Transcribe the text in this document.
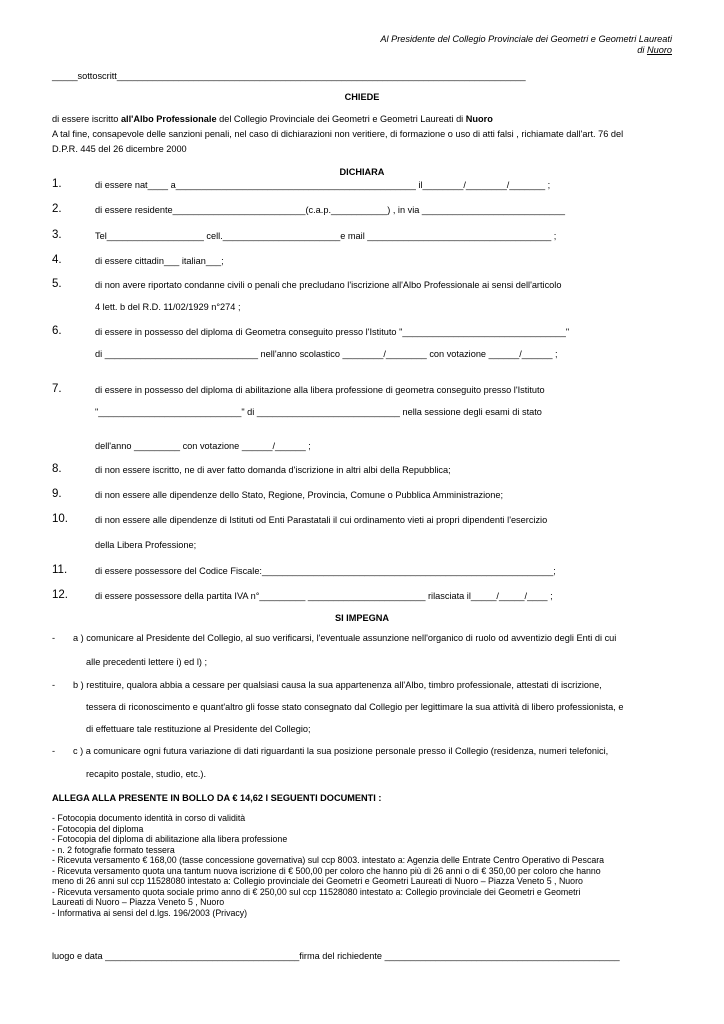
Al Presidente del Collegio Provinciale dei Geometri e Geometri Laureati
di Nuoro
_____sottoscritt________________________________________________________________________________
CHIEDE
di essere iscritto all'Albo Professionale del Collegio Provinciale dei Geometri e Geometri Laureati di Nuoro
A tal fine, consapevole delle sanzioni penali, nel caso di dichiarazioni non veritiere, di formazione o uso di atti falsi , richiamate dall'art. 76 del
D.P.R. 445 del 26 dicembre 2000
DICHIARA
1.	di essere nat____ a_______________________________________________ il________/________/_______ ;
2.	di essere residente__________________________(c.a.p.___________) , in via ____________________________
3.	Tel___________________ cell._______________________e mail ____________________________________ ;
4.	di essere cittadin___ italian___;
5.	di non avere riportato condanne civili o penali che precludano l'iscrizione all'Albo Professionale ai sensi dell'articolo
4 lett. b del R.D. 11/02/1929 n°274 ;
6.	di essere in possesso del diploma di Geometra conseguito presso l'Istituto "________________________________"
di ______________________________ nell'anno scolastico ________/________ con votazione ______/______ ;
7.	di essere in possesso del diploma di abilitazione alla libera professione di geometra conseguito presso l'Istituto
"____________________________" di ____________________________ nella sessione degli esami di stato
dell'anno _________ con votazione ______/______ ;
8.	di non essere iscritto, ne di aver fatto domanda d'iscrizione in altri albi della Repubblica;
9.	di non essere alle dipendenze dello Stato, Regione, Provincia, Comune o Pubblica Amministrazione;
10.	di non essere alle dipendenze di Istituti od Enti Parastatali il cui ordinamento vieti ai propri dipendenti l'esercizio
della Libera Professione;
11.	di essere possessore del Codice Fiscale:_________________________________________________________;
12.	di essere possessore della partita IVA n°_________ _______________________ rilasciata il_____/_____/____ ;
SI IMPEGNA
- a ) comunicare al Presidente del Collegio, al suo verificarsi, l'eventuale assunzione nell'organico di ruolo od avventizio degli Enti di cui
alle precedenti lettere i) ed l) ;
- b ) restituire, qualora abbia a cessare per qualsiasi causa la sua appartenenza all'Albo, timbro professionale, attestati di iscrizione,
tessera di riconoscimento e quant'altro gli fosse stato consegnato dal Collegio per legittimare la sua attività di libero professionista, e
di effettuare tale restituzione al Presidente del Collegio;
- c ) a comunicare ogni futura variazione di dati riguardanti la sua posizione personale presso il Collegio (residenza, numeri telefonici,
recapito postale, studio, etc.).
ALLEGA ALLA PRESENTE IN BOLLO DA € 14,62 I SEGUENTI DOCUMENTI :
- Fotocopia documento identità in corso di validità
- Fotocopia del diploma
- Fotocopia del diploma di abilitazione alla libera professione
- n. 2 fotografie formato tessera
- Ricevuta versamento € 168,00 (tasse concessione governativa) sul ccp 8003. intestato a: Agenzia delle Entrate Centro Operativo di Pescara
- Ricevuta versamento quota una tantum nuova iscrizione di € 500,00 per coloro che hanno più di 26 anni o di € 350,00 per coloro che hanno
meno di 26 anni sul ccp 11528080 intestato a: Collegio provinciale dei Geometri e Geometri Laureati di Nuoro – Piazza Veneto 5 , Nuoro
- Ricevuta versamento quota sociale primo anno di € 250,00 sul ccp 11528080 intestato a: Collegio provinciale dei Geometri e Geometri
Laureati di Nuoro – Piazza Veneto 5 , Nuoro
- Informativa ai sensi del d.lgs. 196/2003 (Privacy)
luogo e data ______________________________________firma del richiedente ______________________________________________
